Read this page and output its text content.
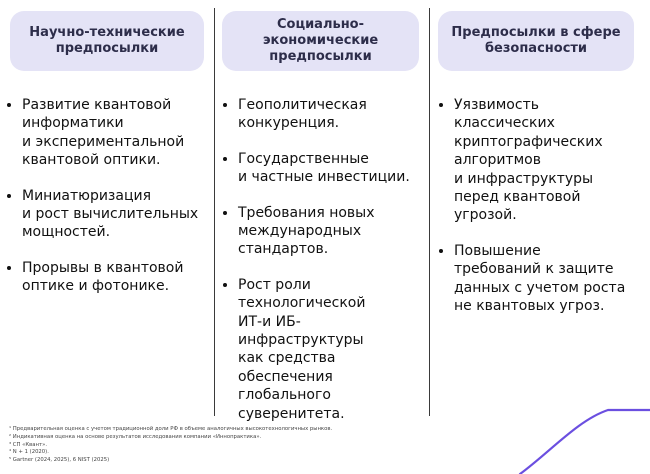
Научно-технические
предпосылки
Социально-экономические
предпосылки
Предпосылки в сфере
безопасности
• Развитие квантовой
информатики
и экспериментальной
квантовой оптики.
• Миниатюризация
и рост вычислительных
мощностей.
• Прорывы в квантовой
оптике и фотонике.
• Геополитическая
конкуренция.
• Государственные
и частные инвестиции.
• Требования новых
международных
стандартов.
• Рост роли
технологической
ИТ-и ИБ-
инфраструктуры
как средства
обеспечения
глобального
суверенитета.
• Уязвимость
классических
криптографических
алгоритмов
и инфраструктуры
перед квантовой
угрозой.
• Повышение
требований к защите
данных с учетом роста
не квантовых угроз.
¹ Предварительная оценка с учетом традиционной доли РФ в объеме аналогичных высокотехнологичных рынков.
² Индикативная оценка на основе результатов исследования компании «Иннопрактика».
³ СП «Квант».
⁴ N + 1 (2020).
⁵ Gartner (2024, 2025), 6 NIST (2025)
